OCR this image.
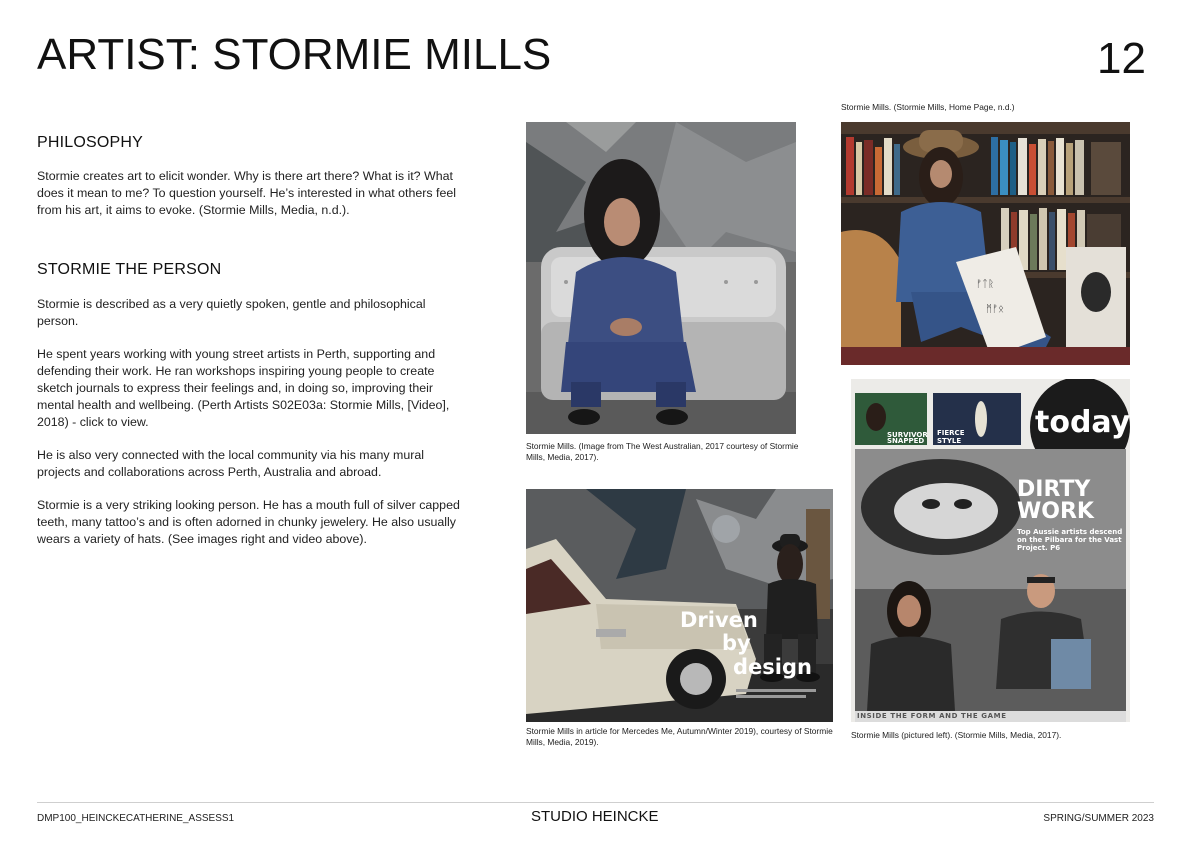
ARTIST: STORMIE MILLS	12
PHILOSOPHY

Stormie creates art to elicit wonder. Why is there art there? What is it? What does it mean to me? To question yourself. He’s interested in what others feel from his art, it aims to evoke. (Stormie Mills, Media, n.d.).

STORMIE THE PERSON

Stormie is described as a very quietly spoken, gentle and philosophical person.

He spent years working with young street artists in Perth, supporting and defending their work. He ran workshops inspiring young people to create sketch journals to express their feelings and, in doing so, improving their mental health and wellbeing. (Perth Artists S02E03a: Stormie Mills, [Video], 2018) - click to view.

He is also very connected with the local community via his many mural projects and collaborations across Perth, Australia and abroad.

Stormie is a very striking looking person. He has a mouth full of silver capped teeth, many tattoo’s and is often adorned in chunky jewelery. He also usually wears a variety of hats. (See images right and video above).

Stormie Mills. (Image from The West Australian, 2017 courtesy of Stormie Mills, Media, 2017).
Stormie Mills. (Stormie Mills, Home Page, n.d.)
ᚠᛏᚱ
ᛗᚠᛟ
Driven
by
design
Stormie Mills in article for Mercedes Me, Autumn/Winter 2019), courtesy of Stormie Mills, Media, 2019).
SURVIVOR
SNAPPED
FIERCE
STYLE
today
DIRTY
WORK
Top Aussie artists descend on the Pilbara for the Vast Project. P6
INSIDE THE FORM AND THE GAME
Stormie Mills (pictured left). (Stormie Mills, Media, 2017).
DMP100_HEINCKECATHERINE_ASSESS1	STUDIO HEINCKE	SPRING/SUMMER 2023
